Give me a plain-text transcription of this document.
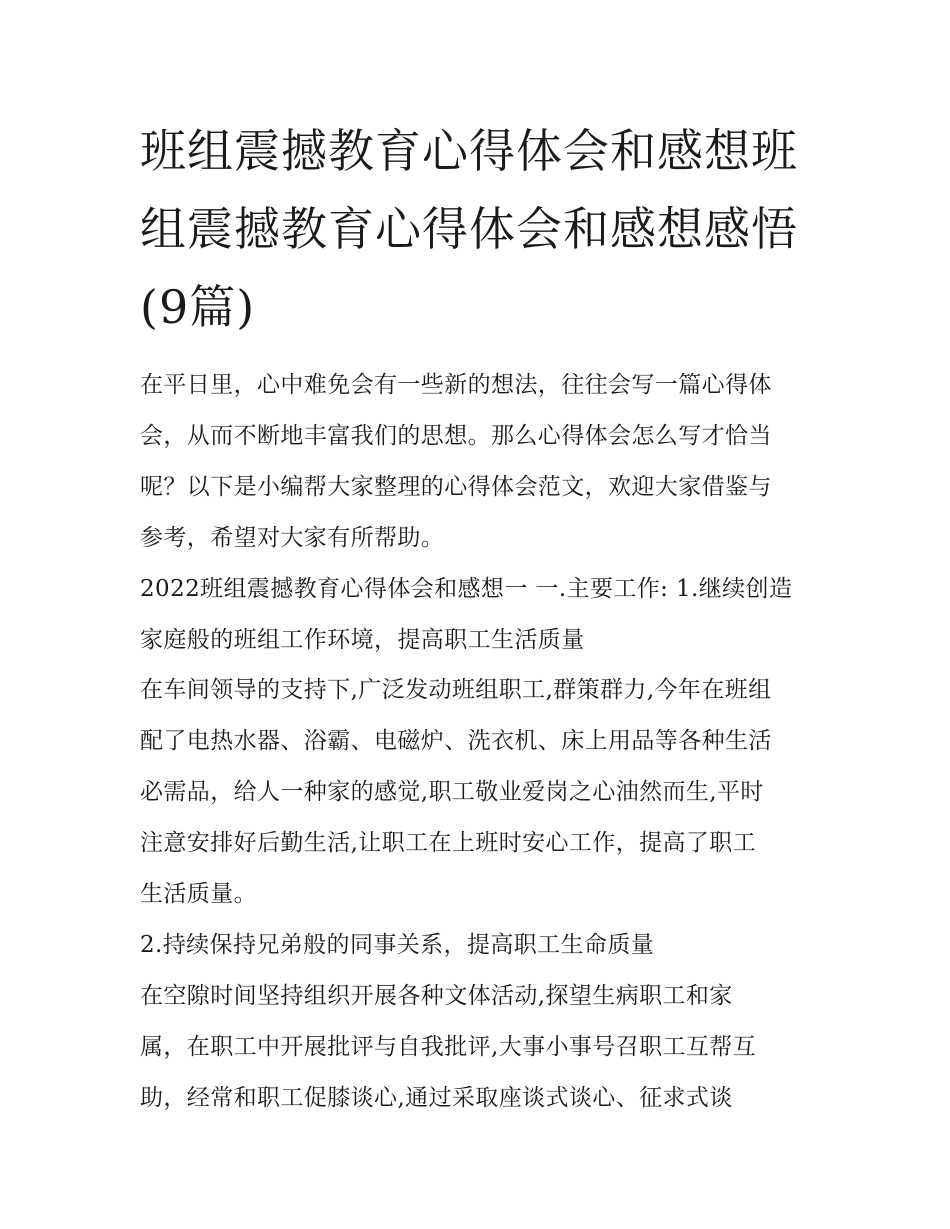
班组震撼教育心得体会和感想班组震撼教育心得体会和感想感悟(9篇)
在平日里，心中难免会有一些新的想法，往往会写一篇心得体
会，从而不断地丰富我们的思想。那么心得体会怎么写才恰当
呢？以下是小编帮大家整理的心得体会范文，欢迎大家借鉴与
参考，希望对大家有所帮助。
2022班组震撼教育心得体会和感想一 一.主要工作: 1.继续创造
家庭般的班组工作环境，提高职工生活质量
在车间领导的支持下,广泛发动班组职工,群策群力,今年在班组
配了电热水器、浴霸、电磁炉、洗衣机、床上用品等各种生活
必需品，给人一种家的感觉,职工敬业爱岗之心油然而生,平时
注意安排好后勤生活,让职工在上班时安心工作，提高了职工
生活质量。
2.持续保持兄弟般的同事关系，提高职工生命质量
在空隙时间坚持组织开展各种文体活动,探望生病职工和家
属，在职工中开展批评与自我批评,大事小事号召职工互帮互
助，经常和职工促膝谈心,通过采取座谈式谈心、征求式谈
